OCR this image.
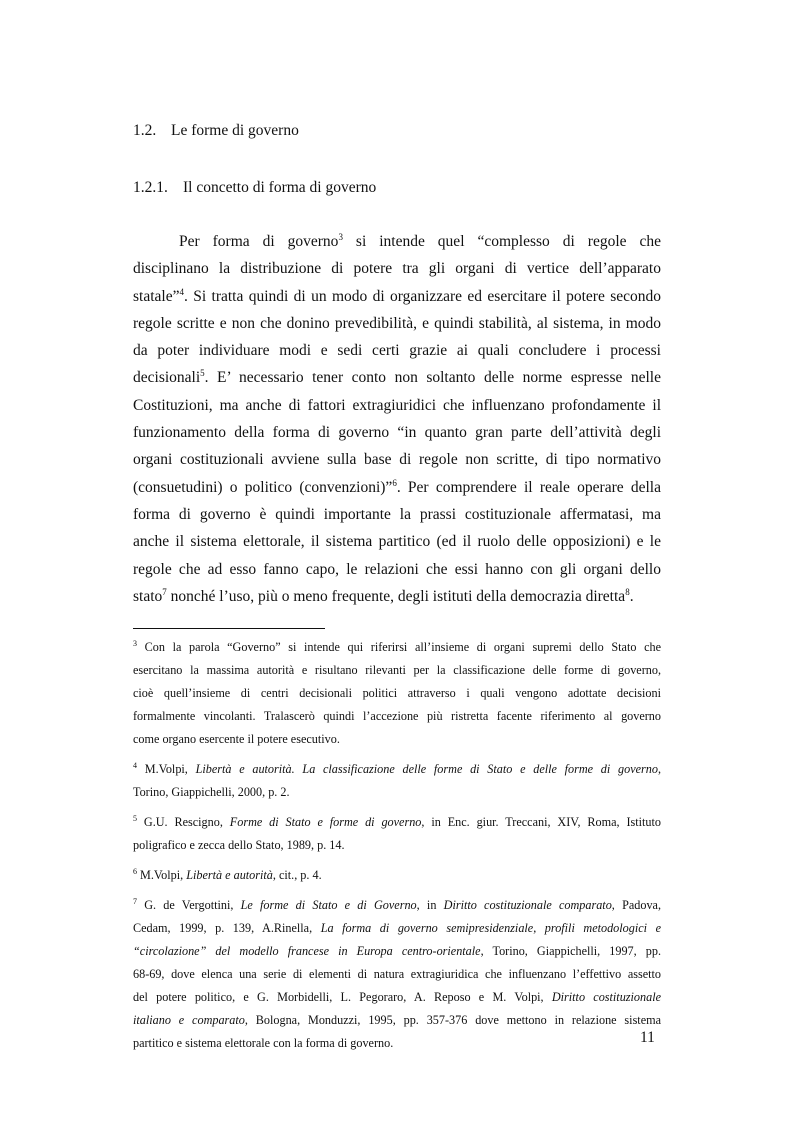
1.2. Le forme di governo
1.2.1. Il concetto di forma di governo
Per forma di governo$^3$ si intende quel “complesso di regole che
disciplinano la distribuzione di potere tra gli organi di vertice dell’apparato
statale”$^4$. Si tratta quindi di un modo di organizzare ed esercitare il potere secondo
regole scritte e non che donino prevedibilità, e quindi stabilità, al sistema, in modo
da poter individuare modi e sedi certi grazie ai quali concludere i processi
decisionali$^5$. E’ necessario tener conto non soltanto delle norme espresse nelle
Costituzioni, ma anche di fattori extragiuridici che influenzano profondamente il
funzionamento della forma di governo “in quanto gran parte dell’attività degli
organi costituzionali avviene sulla base di regole non scritte, di tipo normativo
(consuetudini) o politico (convenzioni)”$^6$. Per comprendere il reale operare della
forma di governo è quindi importante la prassi costituzionale affermatasi, ma
anche il sistema elettorale, il sistema partitico (ed il ruolo delle opposizioni) e le
regole che ad esso fanno capo, le relazioni che essi hanno con gli organi dello
stato$^7$ nonché l’uso, più o meno frequente, degli istituti della democrazia diretta$^8$.
$^3$ Con la parola “Governo” si intende qui riferirsi all’insieme di organi supremi dello Stato che
esercitano la massima autorità e risultano rilevanti per la classificazione delle forme di governo,
cioè quell’insieme di centri decisionali politici attraverso i quali vengono adottate decisioni
formalmente vincolanti. Tralascerò quindi l’accezione più ristretta facente riferimento al governo
come organo esercente il potere esecutivo.
$^4$ M.Volpi, Libertà e autorità. La classificazione delle forme di Stato e delle forme di governo,
Torino, Giappichelli, 2000, p. 2.
$^5$ G.U. Rescigno, Forme di Stato e forme di governo, in Enc. giur. Treccani, XIV, Roma, Istituto
poligrafico e zecca dello Stato, 1989, p. 14.
$^6$ M.Volpi, Libertà e autorità, cit., p. 4.
$^7$ G. de Vergottini, Le forme di Stato e di Governo, in Diritto costituzionale comparato, Padova,
Cedam, 1999, p. 139, A.Rinella, La forma di governo semipresidenziale, profili metodologici e
“circolazione” del modello francese in Europa centro-orientale, Torino, Giappichelli, 1997, pp.
68-69, dove elenca una serie di elementi di natura extragiuridica che influenzano l’effettivo assetto
del potere politico, e G. Morbidelli, L. Pegoraro, A. Reposo e M. Volpi, Diritto costituzionale
italiano e comparato, Bologna, Monduzzi, 1995, pp. 357-376 dove mettono in relazione sistema
partitico e sistema elettorale con la forma di governo.	11
